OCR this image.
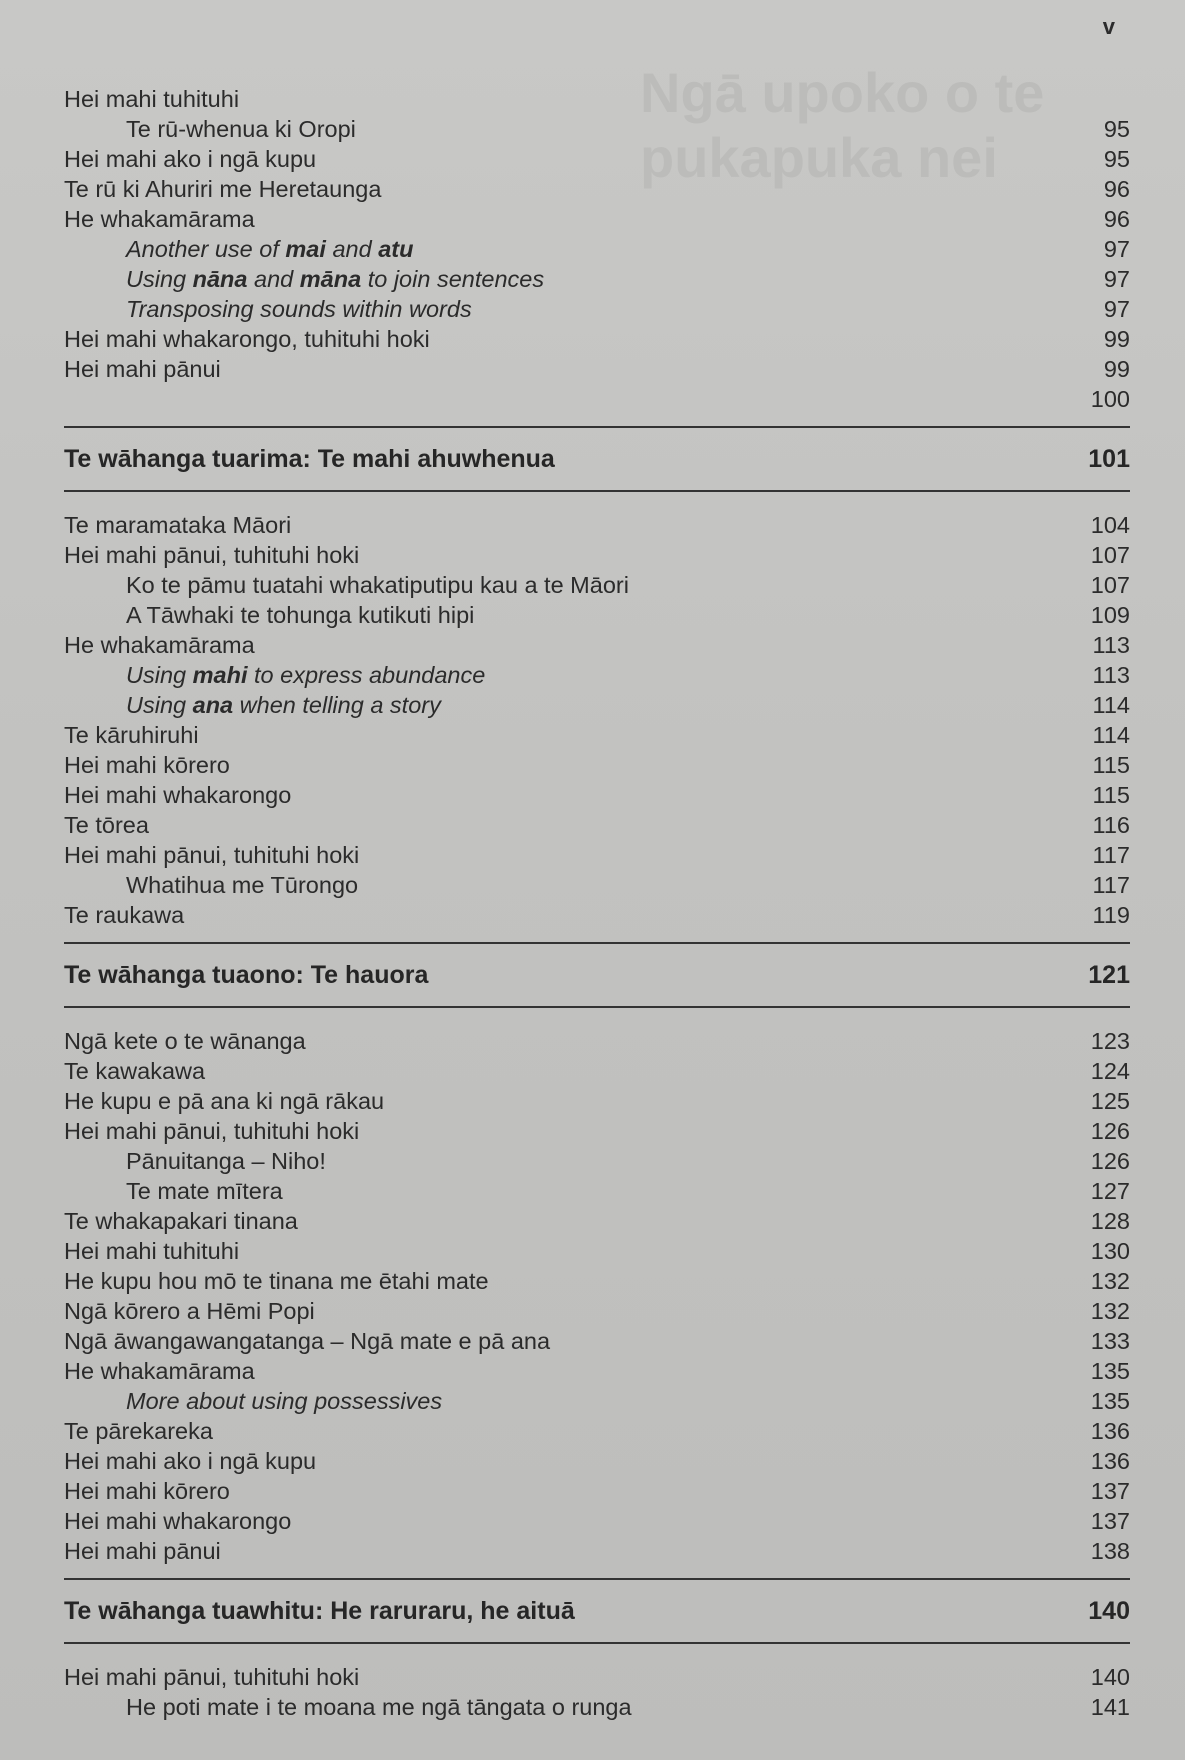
Ngā upoko o te pukapuka nei
v
Hei mahi tuhituhi
Te rū-whenua ki Oropi	95
Hei mahi ako i ngā kupu	95
Te rū ki Ahuriri me Heretaunga	96
He whakamārama	96
Another use of mai and atu	97
Using nāna and māna to join sentences	97
Transposing sounds within words	97
Hei mahi whakarongo, tuhituhi hoki	99
Hei mahi pānui	99
100
Te wāhanga tuarima: Te mahi ahuwhenua	101
Te maramataka Māori	104
Hei mahi pānui, tuhituhi hoki	107
Ko te pāmu tuatahi whakatiputipu kau a te Māori	107
A Tāwhaki te tohunga kutikuti hipi	109
He whakamārama	113
Using mahi to express abundance	113
Using ana when telling a story	114
Te kāruhiruhi	114
Hei mahi kōrero	115
Hei mahi whakarongo	115
Te tōrea	116
Hei mahi pānui, tuhituhi hoki	117
Whatihua me Tūrongo	117
Te raukawa	119
Te wāhanga tuaono: Te hauora	121
Ngā kete o te wānanga	123
Te kawakawa	124
He kupu e pā ana ki ngā rākau	125
Hei mahi pānui, tuhituhi hoki	126
Pānuitanga – Niho!	126
Te mate mītera	127
Te whakapakari tinana	128
Hei mahi tuhituhi	130
He kupu hou mō te tinana me ētahi mate	132
Ngā kōrero a Hēmi Popi	132
Ngā āwangawangatanga – Ngā mate e pā ana	133
He whakamārama	135
More about using possessives	135
Te pārekareka	136
Hei mahi ako i ngā kupu	136
Hei mahi kōrero	137
Hei mahi whakarongo	137
Hei mahi pānui	138
Te wāhanga tuawhitu: He raruraru, he aituā	140
Hei mahi pānui, tuhituhi hoki	140
He poti mate i te moana me ngā tāngata o runga	141
